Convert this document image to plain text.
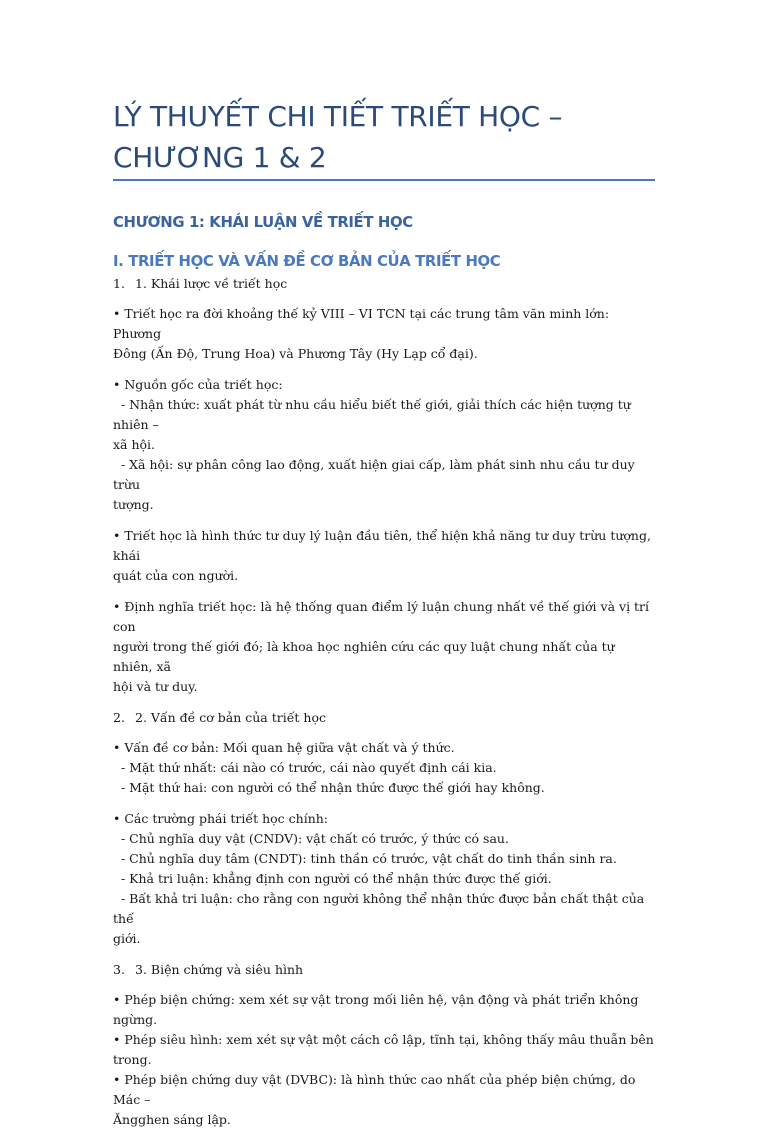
LÝ THUYẾT CHI TIẾT TRIẾT HỌC –
CHƯƠNG 1 & 2
CHƯƠNG 1: KHÁI LUẬN VỀ TRIẾT HỌC
I. TRIẾT HỌC VÀ VẤN ĐỀ CƠ BẢN CỦA TRIẾT HỌC
1. 1. Khái lược về triết học
• Triết học ra đời khoảng thế kỷ VIII – VI TCN tại các trung tâm văn minh lớn: Phương
Đông (Ấn Độ, Trung Hoa) và Phương Tây (Hy Lạp cổ đại).
• Nguồn gốc của triết học:
- Nhận thức: xuất phát từ nhu cầu hiểu biết thế giới, giải thích các hiện tượng tự nhiên –
xã hội.
- Xã hội: sự phân công lao động, xuất hiện giai cấp, làm phát sinh nhu cầu tư duy trừu
tượng.
• Triết học là hình thức tư duy lý luận đầu tiên, thể hiện khả năng tư duy trừu tượng, khái
quát của con người.
• Định nghĩa triết học: là hệ thống quan điểm lý luận chung nhất về thế giới và vị trí con
người trong thế giới đó; là khoa học nghiên cứu các quy luật chung nhất của tự nhiên, xã
hội và tư duy.
2. 2. Vấn đề cơ bản của triết học
• Vấn đề cơ bản: Mối quan hệ giữa vật chất và ý thức.
- Mặt thứ nhất: cái nào có trước, cái nào quyết định cái kia.
- Mặt thứ hai: con người có thể nhận thức được thế giới hay không.
• Các trường phái triết học chính:
- Chủ nghĩa duy vật (CNDV): vật chất có trước, ý thức có sau.
- Chủ nghĩa duy tâm (CNDT): tinh thần có trước, vật chất do tinh thần sinh ra.
- Khả tri luận: khẳng định con người có thể nhận thức được thế giới.
- Bất khả tri luận: cho rằng con người không thể nhận thức được bản chất thật của thế
giới.
3. 3. Biện chứng và siêu hình
• Phép biện chứng: xem xét sự vật trong mối liên hệ, vận động và phát triển không ngừng.
• Phép siêu hình: xem xét sự vật một cách cô lập, tĩnh tại, không thấy mâu thuẫn bên trong.
• Phép biện chứng duy vật (DVBC): là hình thức cao nhất của phép biện chứng, do Mác –
Ăngghen sáng lập.
